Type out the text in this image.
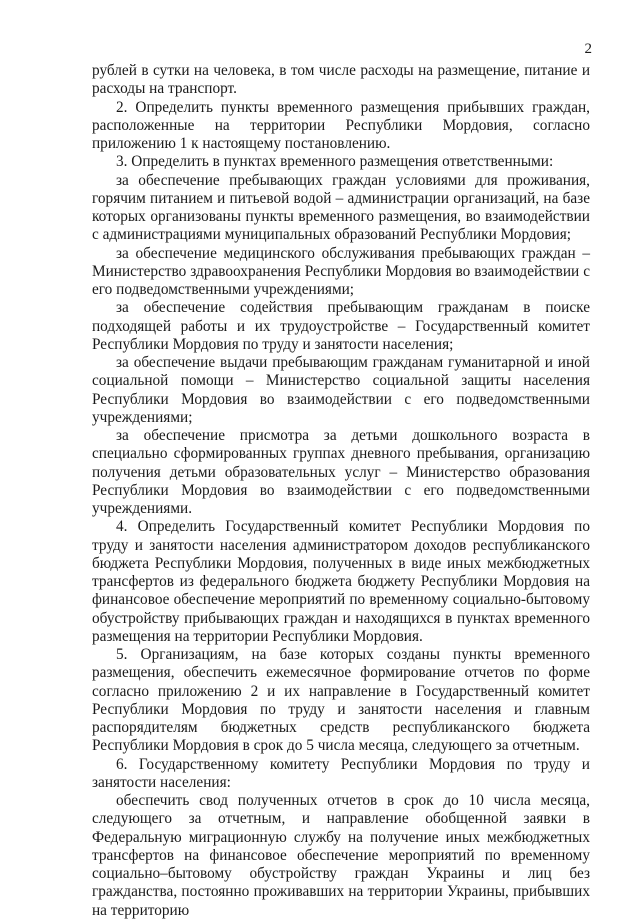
2

рублей в сутки на человека, в том числе расходы на размещение, питание и расходы на транспорт.

2. Определить пункты временного размещения прибывших граждан, расположенные на территории Республики Мордовия, согласно приложению 1 к настоящему постановлению.

3. Определить в пунктах временного размещения ответственными:

за обеспечение пребывающих граждан условиями для проживания, горячим питанием и питьевой водой – администрации организаций, на базе которых организованы пункты временного размещения, во взаимодействии с администрациями муниципальных образований Республики Мордовия;

за обеспечение медицинского обслуживания пребывающих граждан – Министерство здравоохранения Республики Мордовия во взаимодействии с его подведомственными учреждениями;

за обеспечение содействия пребывающим гражданам в поиске подходящей работы и их трудоустройстве – Государственный комитет Республики Мордовия по труду и занятости населения;

за обеспечение выдачи пребывающим гражданам гуманитарной и иной социальной помощи – Министерство социальной защиты населения Республики Мордовия во взаимодействии с его подведомственными учреждениями;

за обеспечение присмотра за детьми дошкольного возраста в специально сформированных группах дневного пребывания, организацию получения детьми образовательных услуг – Министерство образования Республики Мордовия во взаимодействии с его подведомственными учреждениями.

4. Определить Государственный комитет Республики Мордовия по труду и занятости населения администратором доходов республиканского бюджета Республики Мордовия, полученных в виде иных межбюджетных трансфертов из федерального бюджета бюджету Республики Мордовия на финансовое обеспечение мероприятий по временному социально-бытовому обустройству прибывающих граждан и находящихся в пунктах временного размещения на территории Республики Мордовия.

5. Организациям, на базе которых созданы пункты временного размещения, обеспечить ежемесячное формирование отчетов по форме согласно приложению 2 и их направление в Государственный комитет Республики Мордовия по труду и занятости населения и главным распорядителям бюджетных средств республиканского бюджета Республики Мордовия в срок до 5 числа месяца, следующего за отчетным.

6. Государственному комитету Республики Мордовия по труду и занятости населения:

обеспечить свод полученных отчетов в срок до 10 числа месяца, следующего за отчетным, и направление обобщенной заявки в Федеральную миграционную службу на получение иных межбюджетных трансфертов на финансовое обеспечение мероприятий по временному социально–бытовому обустройству граждан Украины и лиц без гражданства, постоянно проживавших на территории Украины, прибывших на территорию
